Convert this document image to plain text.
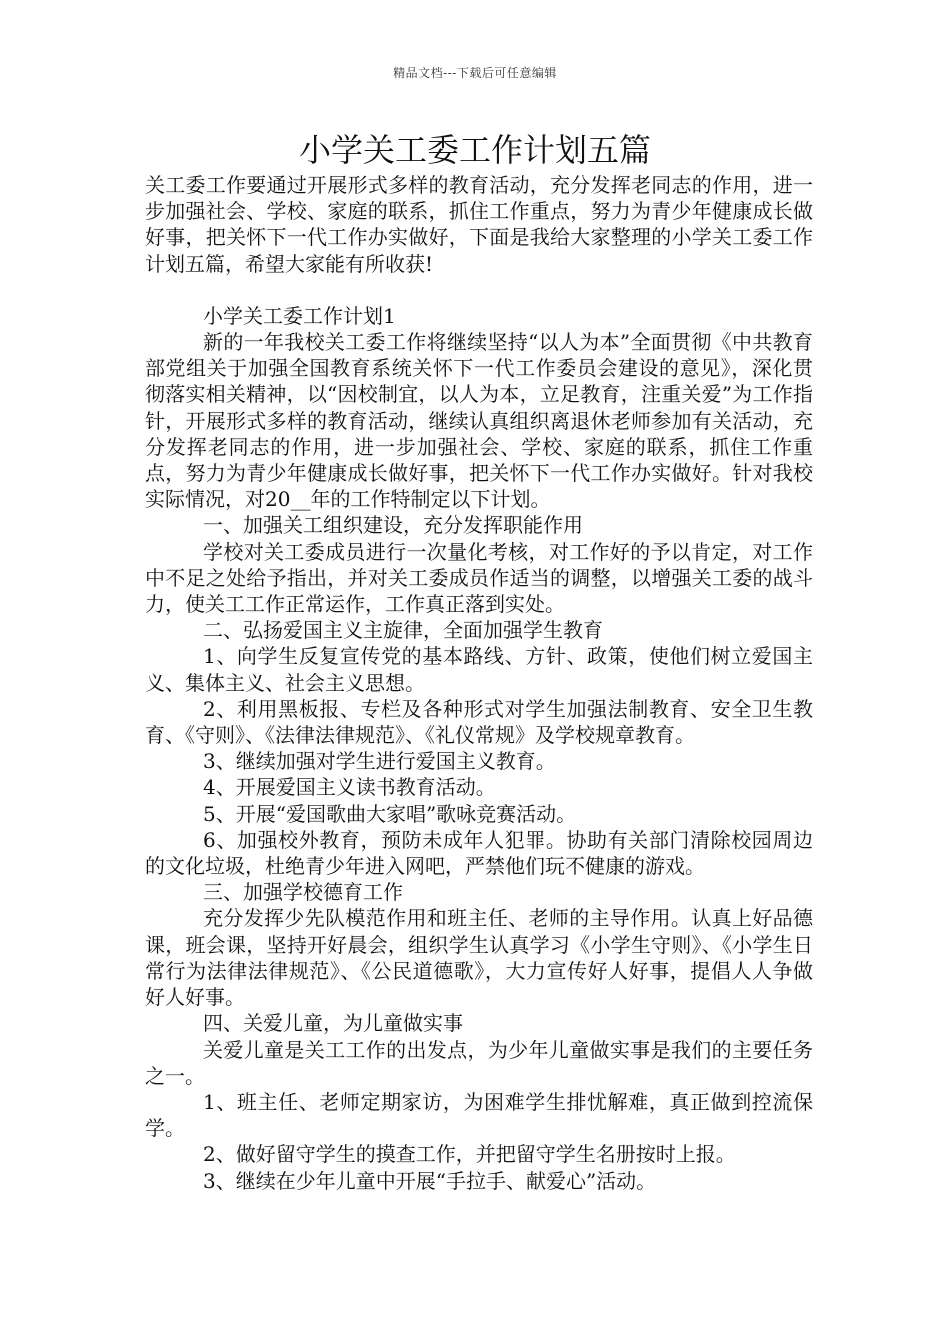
精品文档---下载后可任意编辑
小学关工委工作计划五篇

关工委工作要通过开展形式多样的教育活动，充分发挥老同志的作用，进一步加强社会、学校、家庭的联系，抓住工作重点，努力为青少年健康成长做好事，把关怀下一代工作办实做好，下面是我给大家整理的小学关工委工作计划五篇，希望大家能有所收获!

小学关工委工作计划1

新的一年我校关工委工作将继续坚持“以人为本”全面贯彻《中共教育部党组关于加强全国教育系统关怀下一代工作委员会建设的意见》，深化贯彻落实相关精神，以“因校制宜，以人为本，立足教育，注重关爱”为工作指针，开展形式多样的教育活动，继续认真组织离退休老师参加有关活动，充分发挥老同志的作用，进一步加强社会、学校、家庭的联系，抓住工作重点，努力为青少年健康成长做好事，把关怀下一代工作办实做好。针对我校实际情况，对20__年的工作特制定以下计划。

一、加强关工组织建设，充分发挥职能作用

学校对关工委成员进行一次量化考核，对工作好的予以肯定，对工作中不足之处给予指出，并对关工委成员作适当的调整，以增强关工委的战斗力，使关工工作正常运作，工作真正落到实处。

二、弘扬爱国主义主旋律，全面加强学生教育

1、向学生反复宣传党的基本路线、方针、政策，使他们树立爱国主义、集体主义、社会主义思想。

2、利用黑板报、专栏及各种形式对学生加强法制教育、安全卫生教育、《守则》、《法律法律规范》、《礼仪常规》及学校规章教育。

3、继续加强对学生进行爱国主义教育。

4、开展爱国主义读书教育活动。

5、开展“爱国歌曲大家唱”歌咏竞赛活动。

6、加强校外教育，预防未成年人犯罪。协助有关部门清除校园周边的文化垃圾，杜绝青少年进入网吧，严禁他们玩不健康的游戏。

三、加强学校德育工作

充分发挥少先队模范作用和班主任、老师的主导作用。认真上好品德课，班会课，坚持开好晨会，组织学生认真学习《小学生守则》、《小学生日常行为法律法律规范》、《公民道德歌》，大力宣传好人好事，提倡人人争做好人好事。

四、关爱儿童，为儿童做实事

关爱儿童是关工工作的出发点，为少年儿童做实事是我们的主要任务之一。

1、班主任、老师定期家访，为困难学生排忧解难，真正做到控流保学。

2、做好留守学生的摸查工作，并把留守学生名册按时上报。

3、继续在少年儿童中开展“手拉手、献爱心”活动。
